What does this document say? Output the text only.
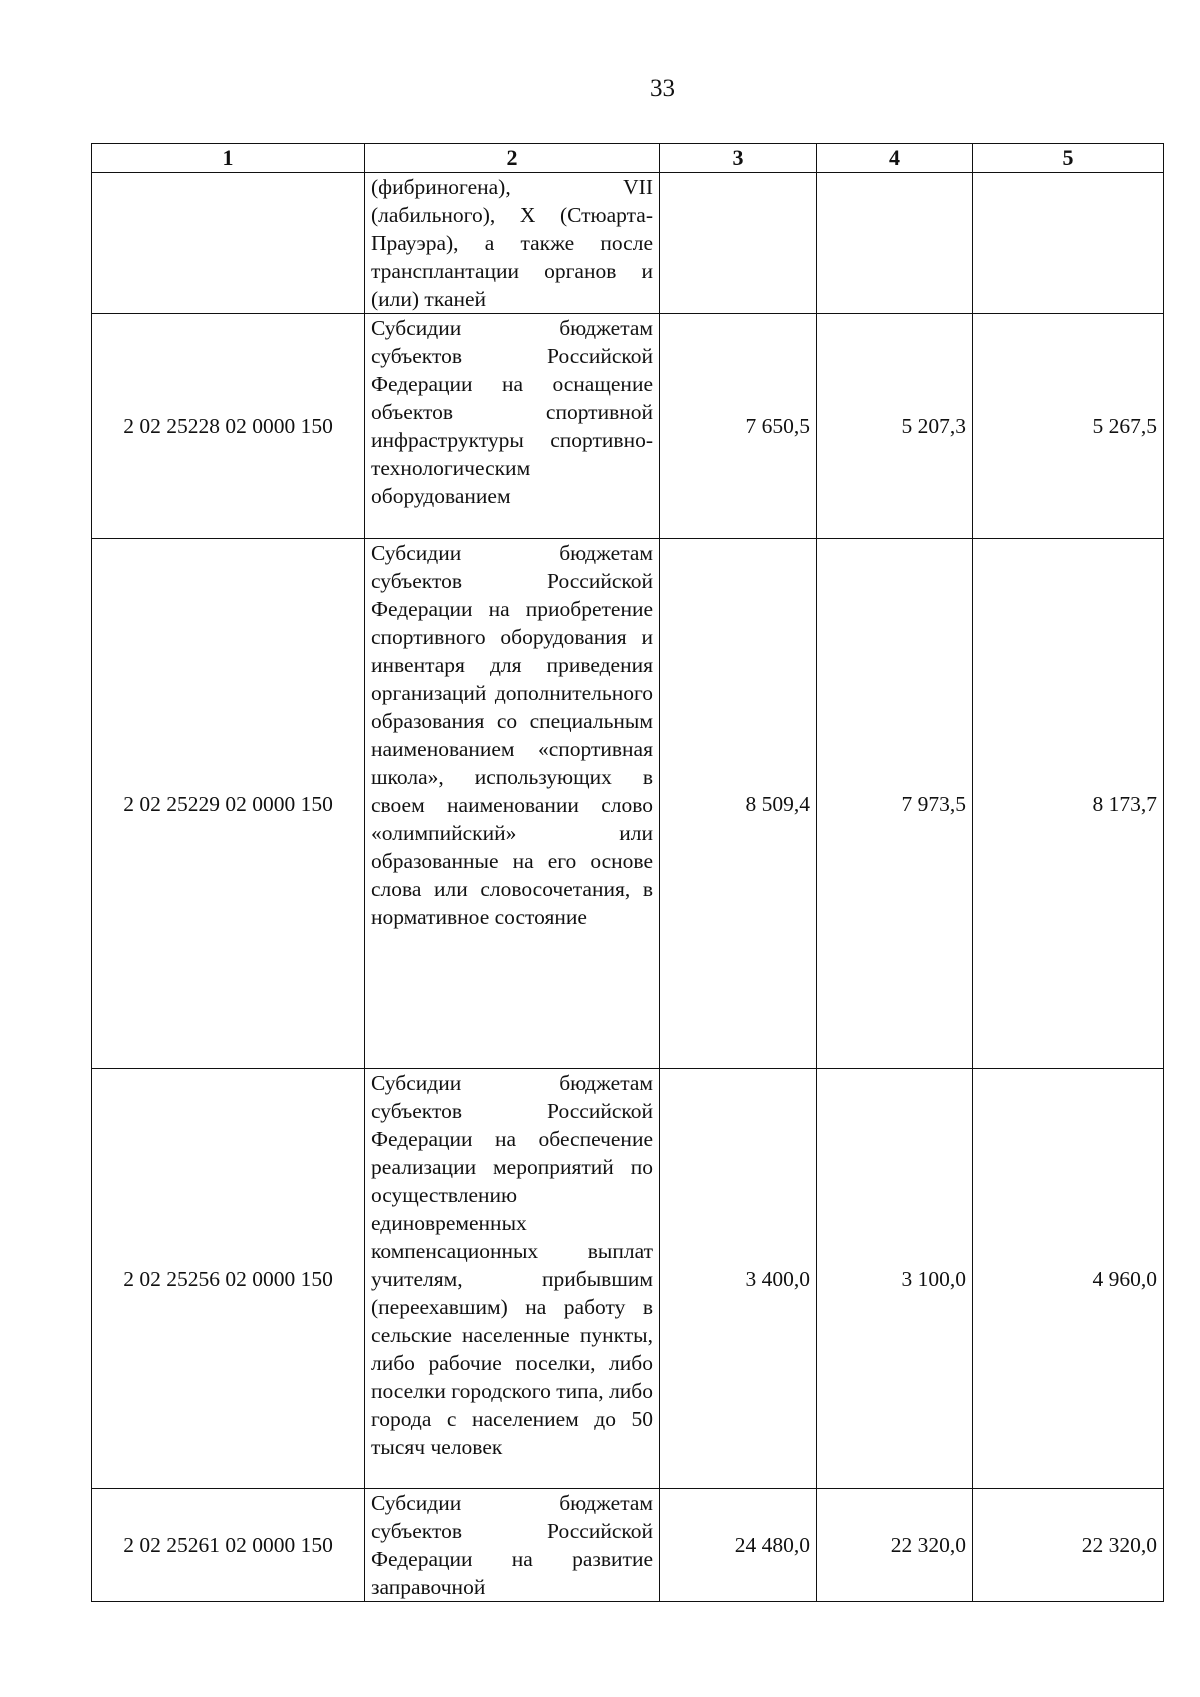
33
1	2	3	4	5
	(фибриногена), VII (лабильного), X (Стюарта-Прауэра), а также после трансплантации органов и (или) тканей			
2 02 25228 02 0000 150	Субсидии бюджетам субъектов Российской Федерации на оснащение объектов спортивной инфраструктуры спортивно-технологическим оборудованием	7 650,5	5 207,3	5 267,5
2 02 25229 02 0000 150	Субсидии бюджетам субъектов Российской Федерации на приобретение спортивного оборудования и инвентаря для приведения организаций дополнительного образования со специальным наименованием «спортивная школа», использующих в своем наименовании слово «олимпийский» или образованные на его основе слова или словосочетания, в нормативное состояние	8 509,4	7 973,5	8 173,7
2 02 25256 02 0000 150	Субсидии бюджетам субъектов Российской Федерации на обеспечение реализации мероприятий по осуществлению единовременных компенсационных выплат учителям, прибывшим (переехавшим) на работу в сельские населенные пункты, либо рабочие поселки, либо поселки городского типа, либо города с населением до 50 тысяч человек	3 400,0	3 100,0	4 960,0
2 02 25261 02 0000 150	Субсидии бюджетам субъектов Российской Федерации на развитие заправочной	24 480,0	22 320,0	22 320,0
